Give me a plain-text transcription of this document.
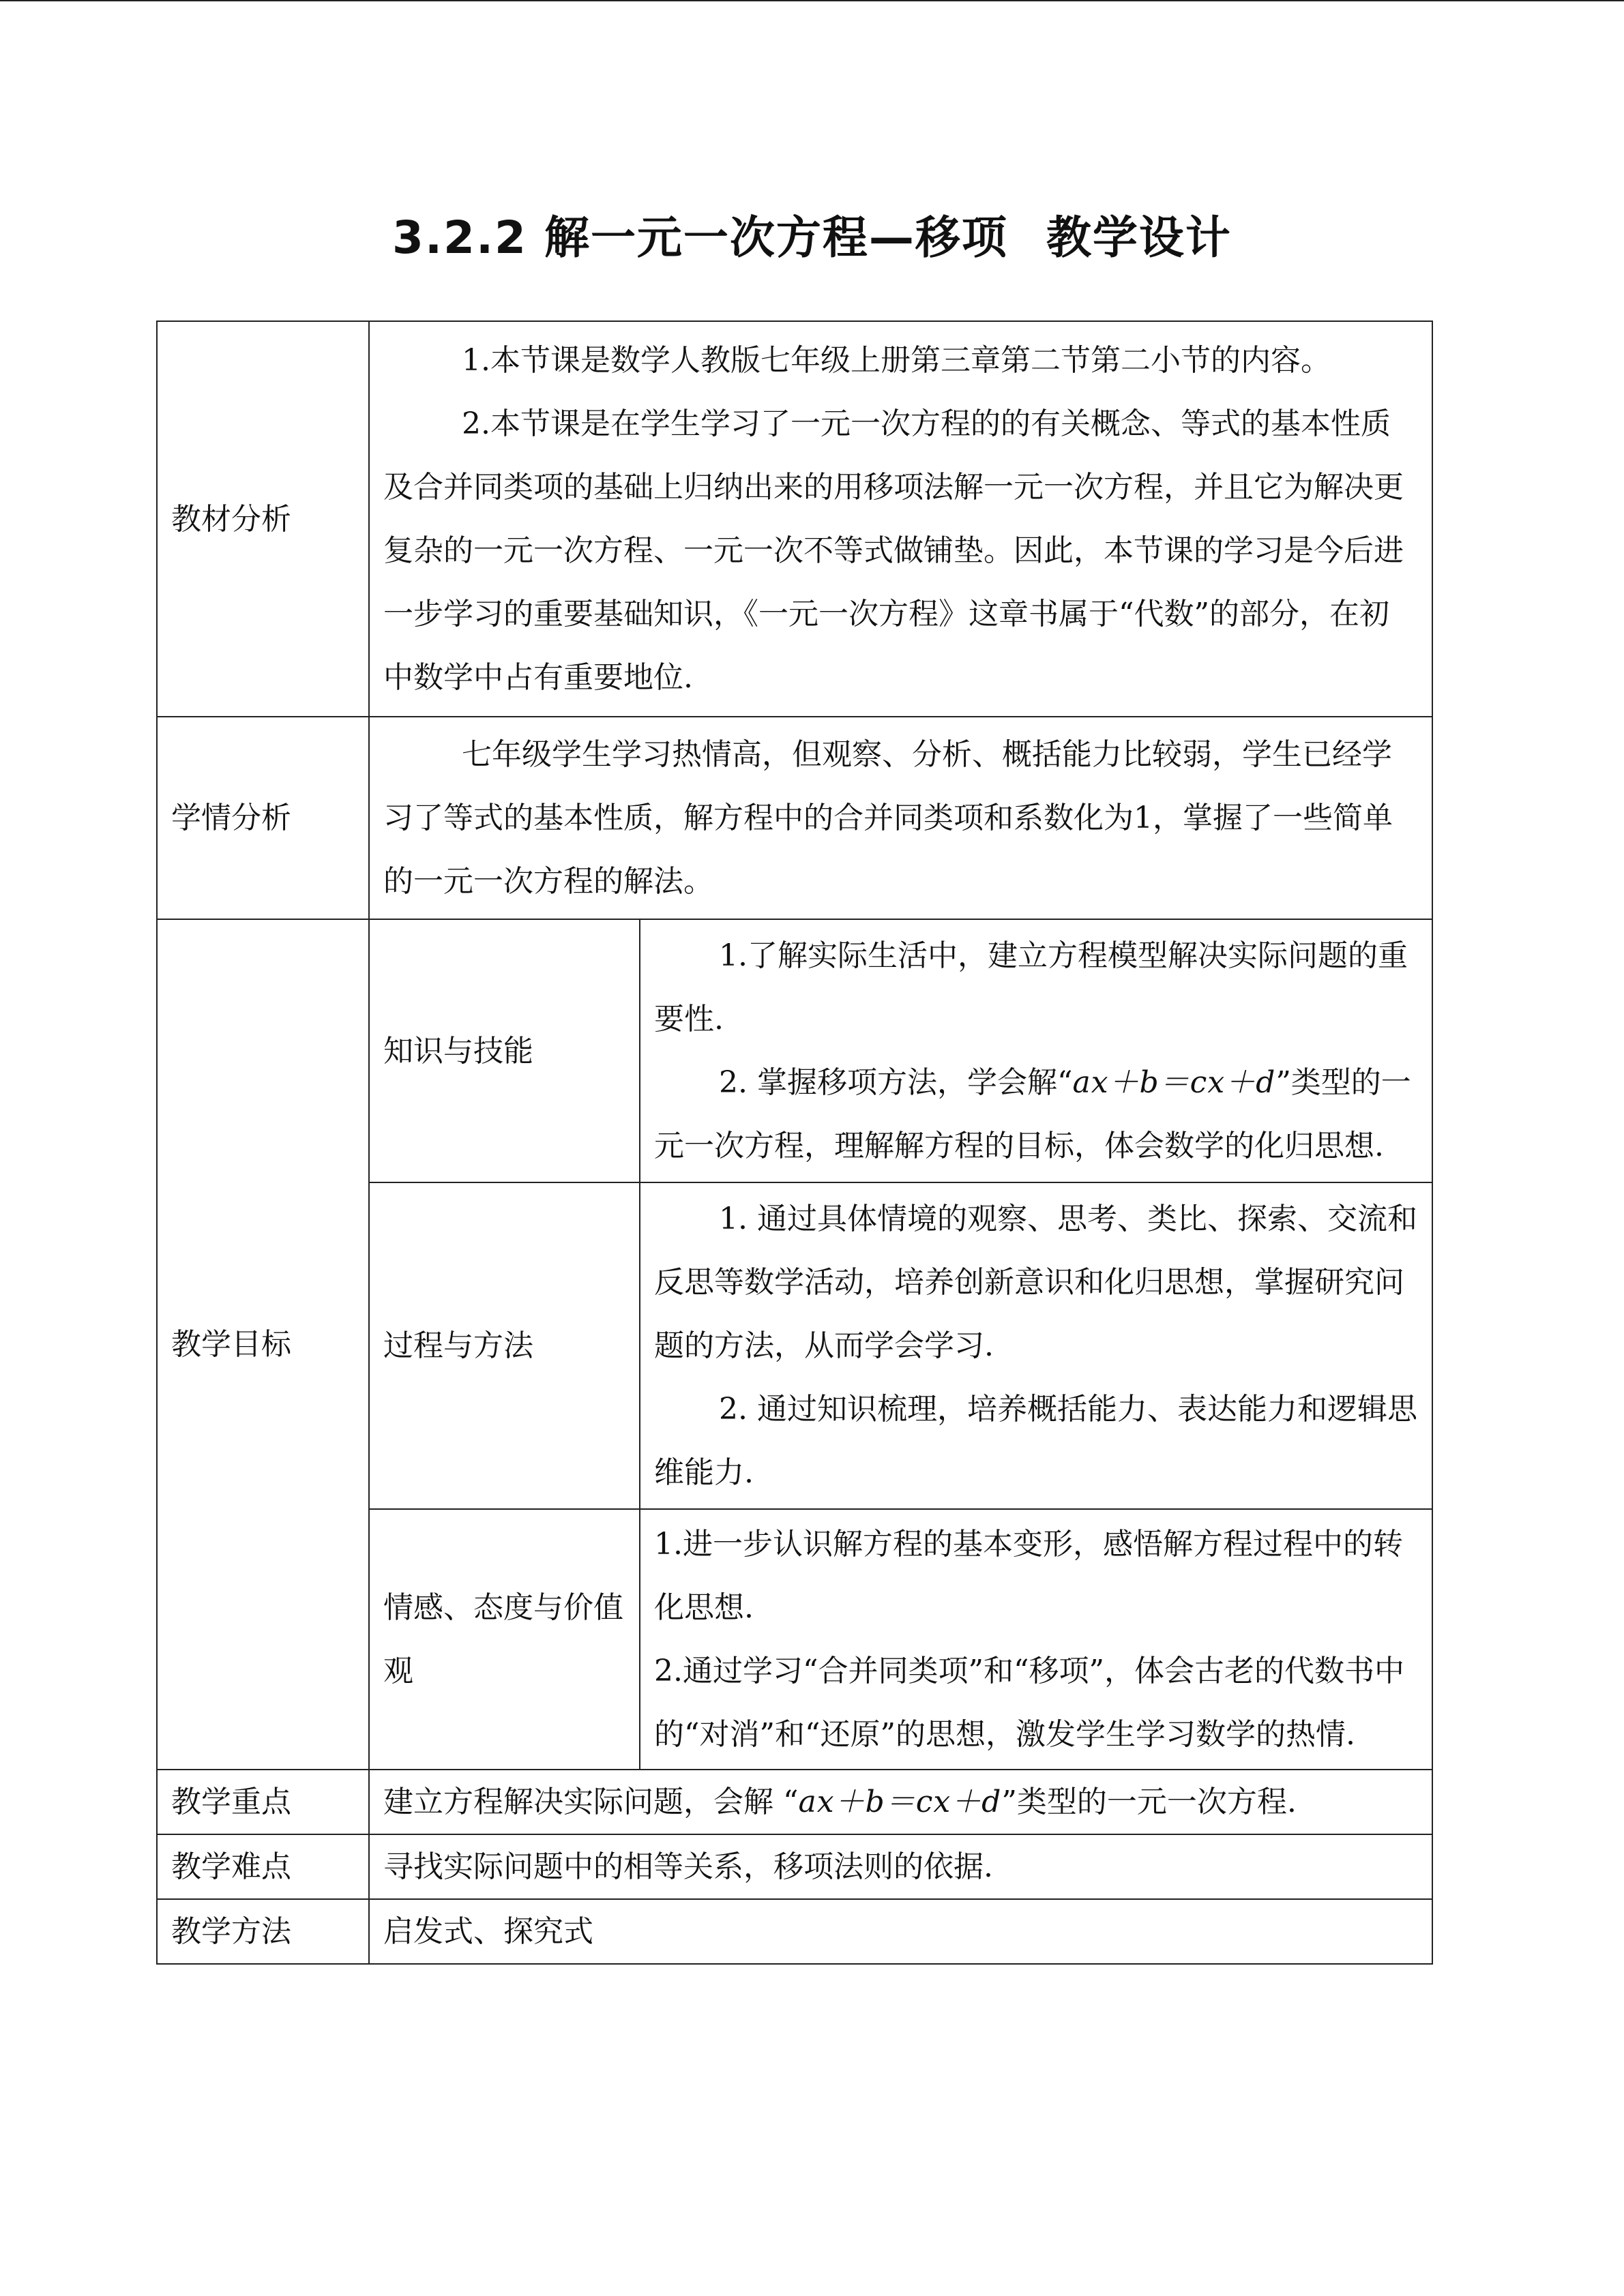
3.2.2 解一元一次方程—移项 教学设计
教材分析	1.本节课是数学人教版七年级上册第三章第二节第二小节的内容。

2.本节课是在学生学习了一元一次方程的的有关概念、等式的基本性质及合并同类项的基础上归纳出来的用移项法解一元一次方程，并且它为解决更复杂的一元一次方程、一元一次不等式做铺垫。因此，本节课的学习是今后进一步学习的重要基础知识，《一元一次方程》这章书属于“代数”的部分，在初中数学中占有重要地位.	

学情分析	七年级学生学习热情高，但观察、分析、概括能力比较弱，学生已经学习了等式的基本性质，解方程中的合并同类项和系数化为1，掌握了一些简单的一元一次方程的解法。	

教学目标	知识与技能	1.了解实际生活中，建立方程模型解决实际问题的重要性.

2. 掌握移项方法，学会解“ax＋b＝cx＋d”类型的一元一次方程，理解解方程的目标，体会数学的化归思想.

	过程与方法	1. 通过具体情境的观察、思考、类比、探索、交流和反思等数学活动，培养创新意识和化归思想，掌握研究问题的方法，从而学会学习.

2. 通过知识梳理，培养概括能力、表达能力和逻辑思维能力.

	情感、态度与价值观	1.进一步认识解方程的基本变形，感悟解方程过程中的转化思想.

2.通过学习“合并同类项”和“移项”，体会古老的代数书中的“对消”和“还原”的思想，激发学生学习数学的热情.

教学重点	建立方程解决实际问题，会解 “ax＋b＝cx＋d”类型的一元一次方程.	
教学难点	寻找实际问题中的相等关系，移项法则的依据.	
教学方法	启发式、探究式	
